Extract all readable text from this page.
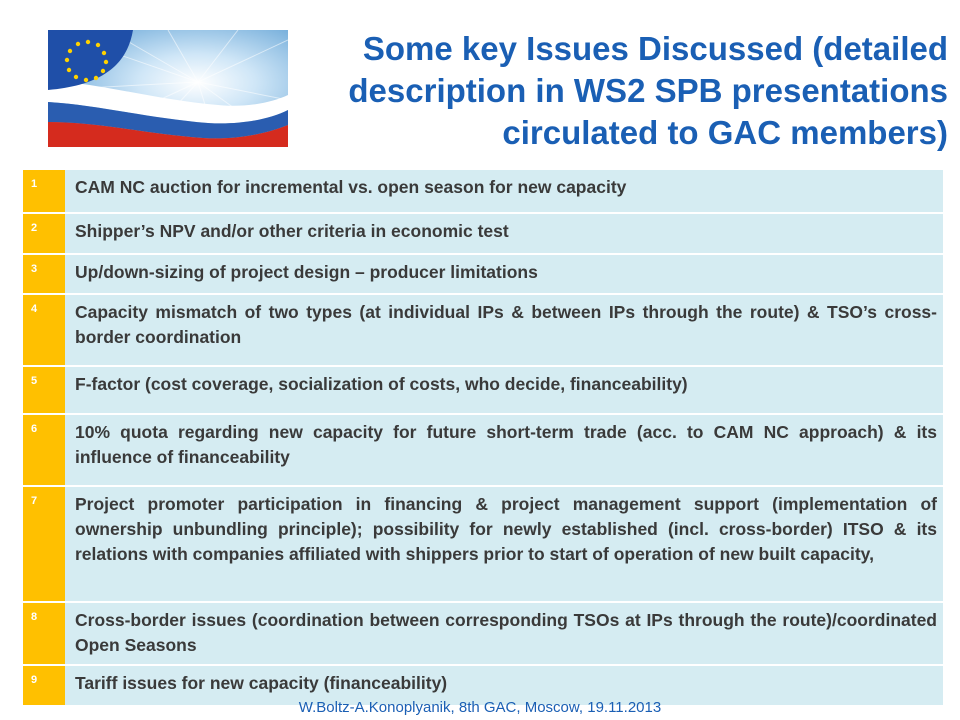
Some key Issues Discussed (detailed
description in WS2 SPB presentations
circulated to GAC members)
1	CAM NC auction for incremental vs. open season for new capacity
2	Shipper’s NPV and/or other criteria in economic test
3	Up/down-sizing of project design – producer limitations
4	Capacity mismatch of two types (at individual IPs & between IPs through the route) & TSO’s cross-border coordination
5	F-factor (cost coverage, socialization of costs, who decide, financeability)
6	10% quota regarding new capacity for future short-term trade (acc. to CAM NC approach) & its influence of financeability
7	Project promoter participation in financing & project management support (implementation of ownership unbundling principle); possibility for newly established (incl. cross-border) ITSO & its relations with companies affiliated with shippers prior to start of operation of new built capacity,
8	Cross-border issues (coordination between corresponding TSOs at IPs through the route)/coordinated Open Seasons
9	Tariff issues for new capacity (financeability)
W.Boltz-A.Konoplyanik, 8th GAC, Moscow, 19.11.2013
